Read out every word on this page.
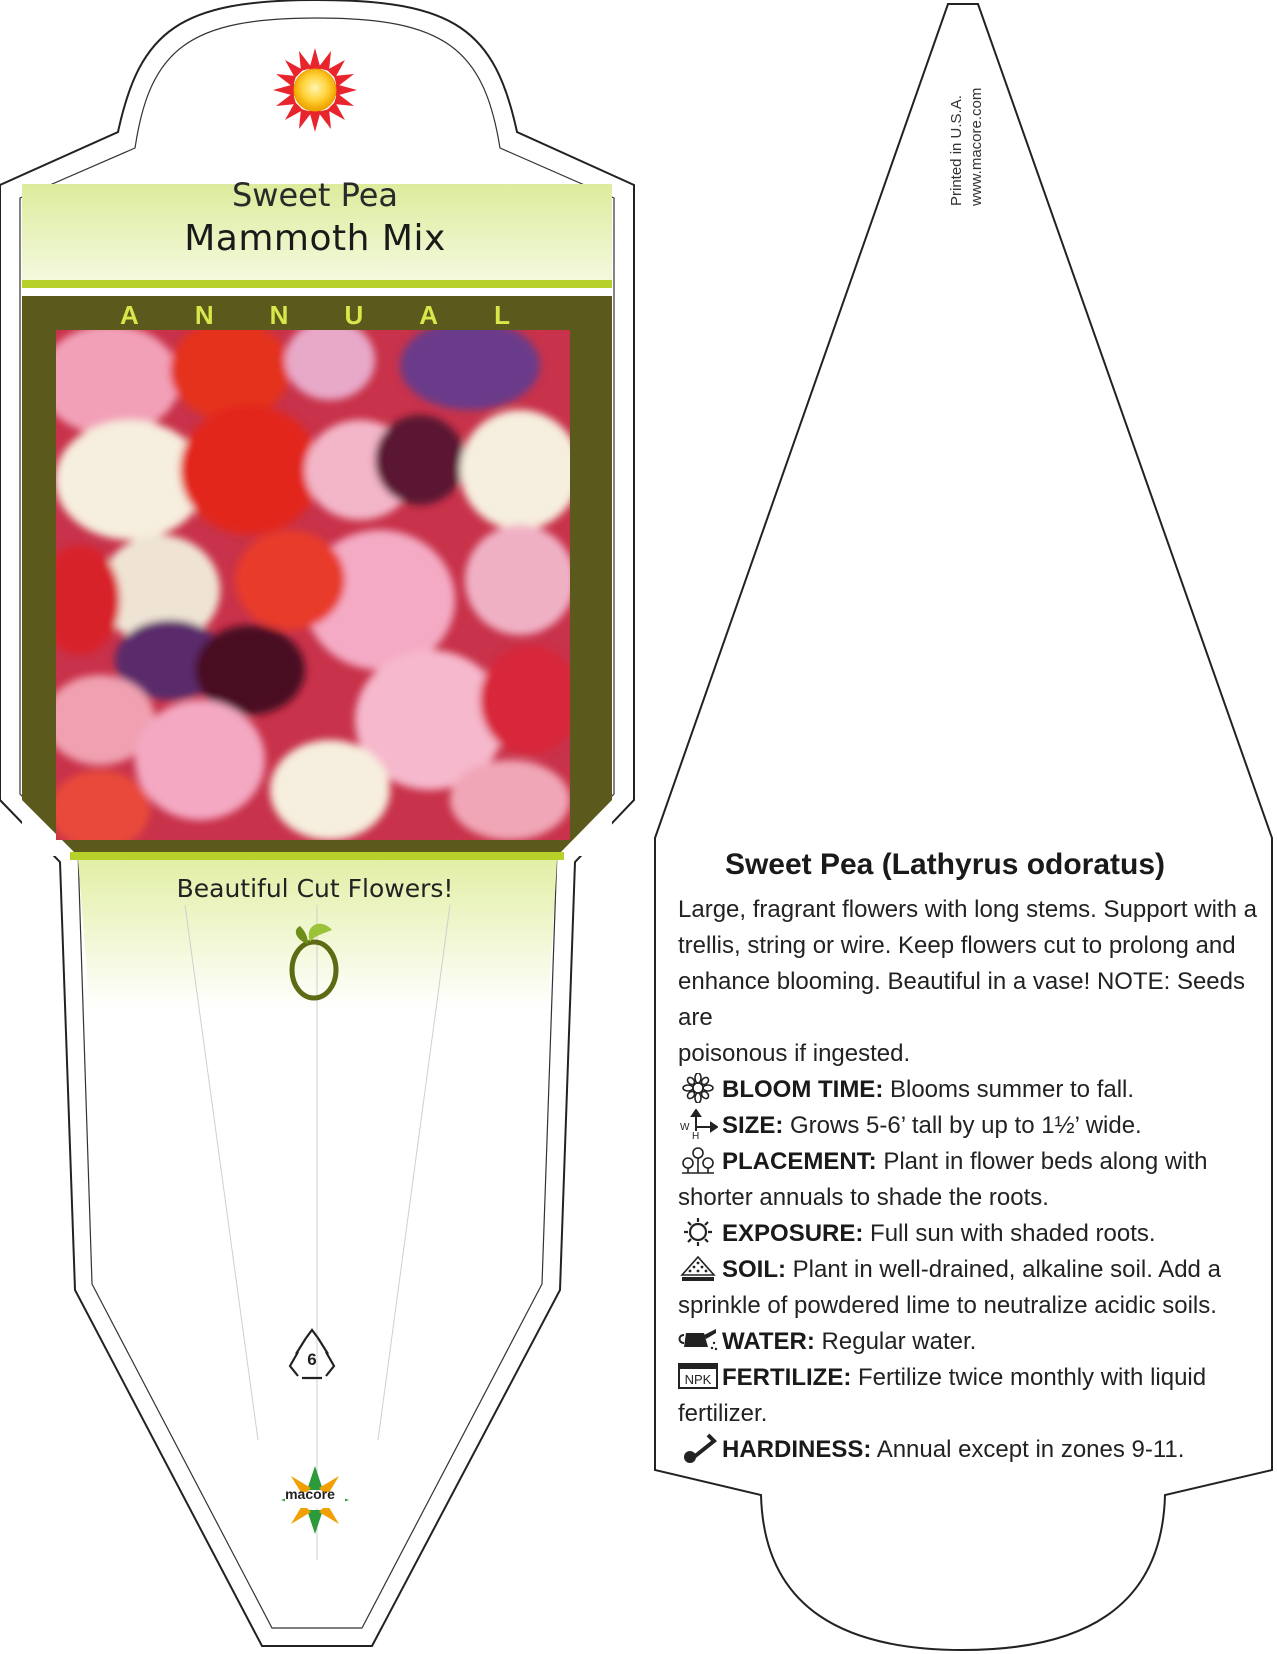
Sweet Pea
Mammoth Mix
A N N U A L
Beautiful Cut Flowers!
6
macore
Printed in U.S.A. www.macore.com
Sweet Pea (Lathyrus odoratus)

Large, fragrant flowers with long stems. Support with a

trellis, string or wire. Keep flowers cut to prolong and

enhance blooming. Beautiful in a vase! NOTE: Seeds are

poisonous if ingested.

BLOOM TIME: Blooms summer to fall.

W
H SIZE: Grows 5-6’ tall by up to 1½’ wide.

PLACEMENT: Plant in flower beds along with

shorter annuals to shade the roots.

EXPOSURE: Full sun with shaded roots.

SOIL: Plant in well-drained, alkaline soil. Add a

sprinkle of powdered lime to neutralize acidic soils.

WATER: Regular water.

NPK FERTILIZE: Fertilize twice monthly with liquid

fertilizer.

HARDINESS: Annual except in zones 9-11.
